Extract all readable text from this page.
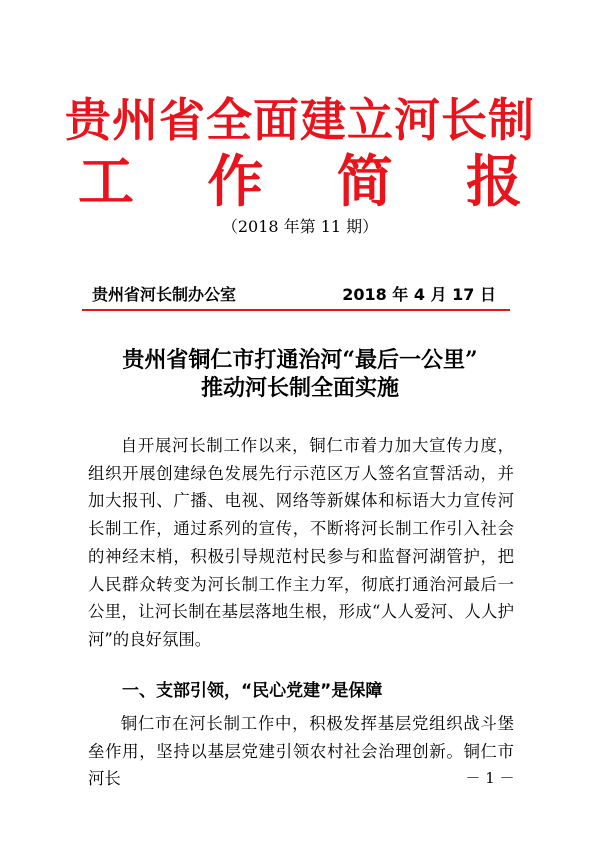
贵州省全面建立河长制
工 作 简 报
（2018 年第 11 期）
贵州省河长制办公室	2018 年 4 月 17 日
贵州省铜仁市打通治河“最后一公里”
推动河长制全面实施

自开展河长制工作以来，铜仁市着力加大宣传力度，组织开展创建绿色发展先行示范区万人签名宣誓活动，并加大报刊、广播、电视、网络等新媒体和标语大力宣传河长制工作，通过系列的宣传，不断将河长制工作引入社会的神经末梢，积极引导规范村民参与和监督河湖管护，把人民群众转变为河长制工作主力军，彻底打通治河最后一公里，让河长制在基层落地生根，形成“人人爱河、人人护河”的良好氛围。

一、支部引领，“民心党建”是保障

铜仁市在河长制工作中，积极发挥基层党组织战斗堡垒作用，坚持以基层党建引领农村社会治理创新。铜仁市河长	－ 1 －
